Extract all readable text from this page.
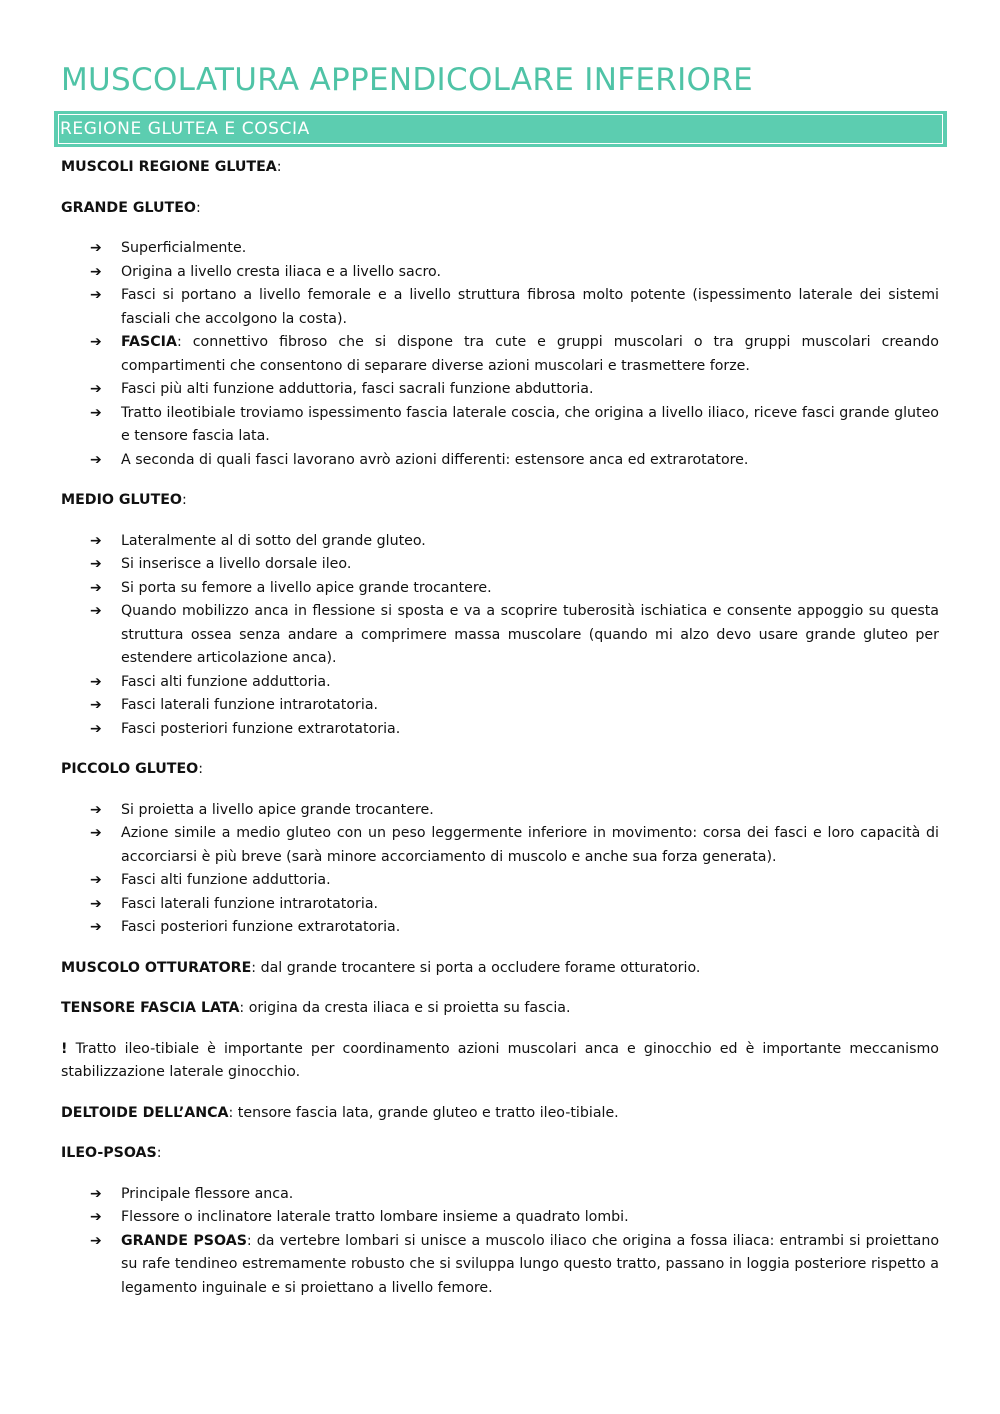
MUSCOLATURA APPENDICOLARE INFERIORE
REGIONE GLUTEA E COSCIA

MUSCOLI REGIONE GLUTEA:

GRANDE GLUTEO:

➔ Superficialmente.
➔ Origina a livello cresta iliaca e a livello sacro.
➔ Fasci si portano a livello femorale e a livello struttura fibrosa molto potente (ispessimento laterale dei sistemi fasciali che accolgono la costa).
➔ FASCIA: connettivo fibroso che si dispone tra cute e gruppi muscolari o tra gruppi muscolari creando compartimenti che consentono di separare diverse azioni muscolari e trasmettere forze.
➔ Fasci più alti funzione adduttoria, fasci sacrali funzione abduttoria.
➔ Tratto ileotibiale troviamo ispessimento fascia laterale coscia, che origina a livello iliaco, riceve fasci grande gluteo e tensore fascia lata.
➔ A seconda di quali fasci lavorano avrò azioni differenti: estensore anca ed extrarotatore.

MEDIO GLUTEO:

➔ Lateralmente al di sotto del grande gluteo.
➔ Si inserisce a livello dorsale ileo.
➔ Si porta su femore a livello apice grande trocantere.
➔ Quando mobilizzo anca in flessione si sposta e va a scoprire tuberosità ischiatica e consente appoggio su questa struttura ossea senza andare a comprimere massa muscolare (quando mi alzo devo usare grande gluteo per estendere articolazione anca).
➔ Fasci alti funzione adduttoria.
➔ Fasci laterali funzione intrarotatoria.
➔ Fasci posteriori funzione extrarotatoria.

PICCOLO GLUTEO:

➔ Si proietta a livello apice grande trocantere.
➔ Azione simile a medio gluteo con un peso leggermente inferiore in movimento: corsa dei fasci e loro capacità di accorciarsi è più breve (sarà minore accorciamento di muscolo e anche sua forza generata).
➔ Fasci alti funzione adduttoria.
➔ Fasci laterali funzione intrarotatoria.
➔ Fasci posteriori funzione extrarotatoria.

MUSCOLO OTTURATORE: dal grande trocantere si porta a occludere forame otturatorio.

TENSORE FASCIA LATA: origina da cresta iliaca e si proietta su fascia.

! Tratto ileo-tibiale è importante per coordinamento azioni muscolari anca e ginocchio ed è importante meccanismo stabilizzazione laterale ginocchio.

DELTOIDE DELL’ANCA: tensore fascia lata, grande gluteo e tratto ileo-tibiale.

ILEO-PSOAS:

➔ Principale flessore anca.
➔ Flessore o inclinatore laterale tratto lombare insieme a quadrato lombi.
➔ GRANDE PSOAS: da vertebre lombari si unisce a muscolo iliaco che origina a fossa iliaca: entrambi si proiettano su rafe tendineo estremamente robusto che si sviluppa lungo questo tratto, passano in loggia posteriore rispetto a legamento inguinale e si proiettano a livello femore.
